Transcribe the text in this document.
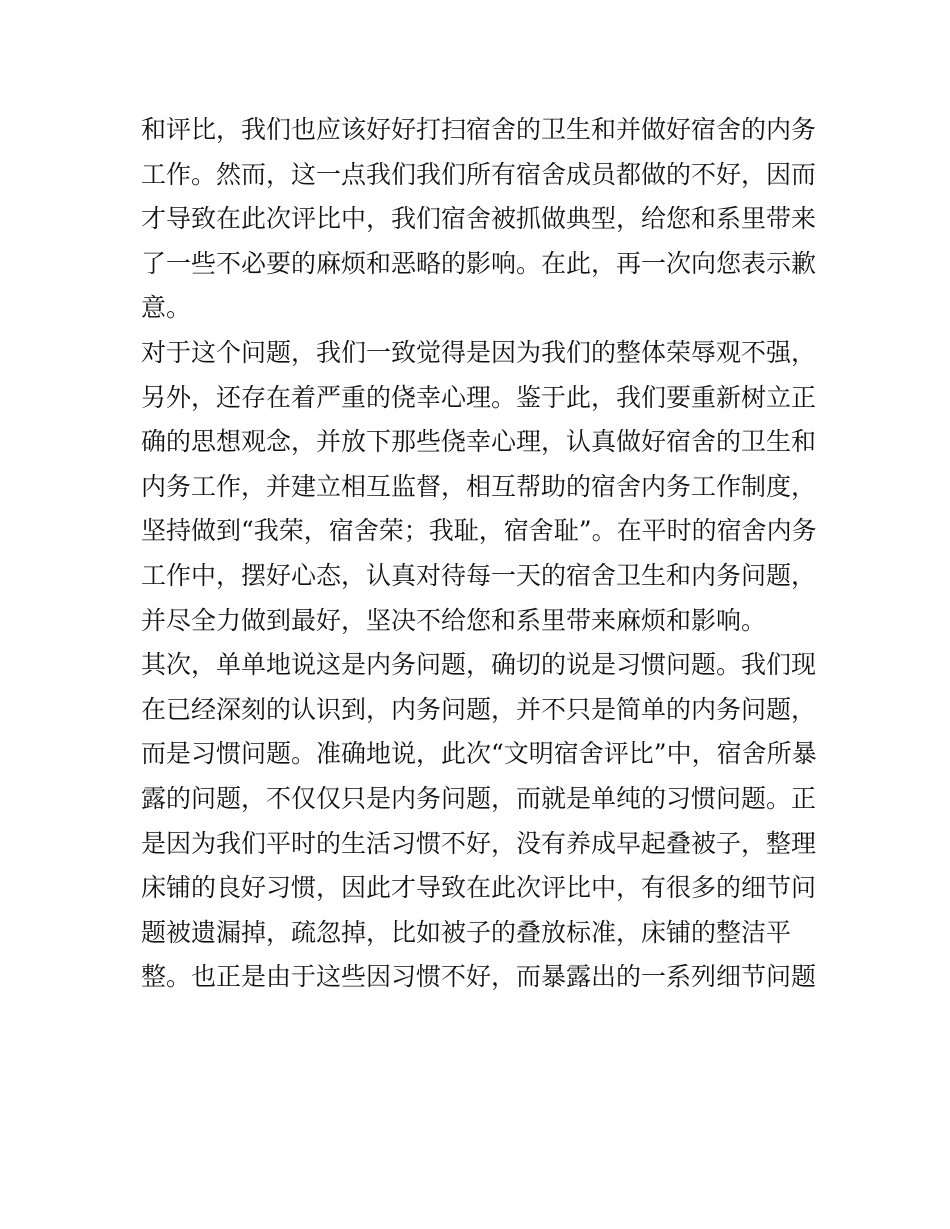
和评比，我们也应该好好打扫宿舍的卫生和并做好宿舍的内务
工作。然而，这一点我们我们所有宿舍成员都做的不好，因而
才导致在此次评比中，我们宿舍被抓做典型，给您和系里带来
了一些不必要的麻烦和恶略的影响。在此，再一次向您表示歉
意。
对于这个问题，我们一致觉得是因为我们的整体荣辱观不强，
另外，还存在着严重的侥幸心理。鉴于此，我们要重新树立正
确的思想观念，并放下那些侥幸心理，认真做好宿舍的卫生和
内务工作，并建立相互监督，相互帮助的宿舍内务工作制度，
坚持做到“我荣，宿舍荣；我耻，宿舍耻”。在平时的宿舍内务
工作中，摆好心态，认真对待每一天的宿舍卫生和内务问题，
并尽全力做到最好，坚决不给您和系里带来麻烦和影响。
其次，单单地说这是内务问题，确切的说是习惯问题。我们现
在已经深刻的认识到，内务问题，并不只是简单的内务问题，
而是习惯问题。准确地说，此次“文明宿舍评比”中，宿舍所暴
露的问题，不仅仅只是内务问题，而就是单纯的习惯问题。正
是因为我们平时的生活习惯不好，没有养成早起叠被子，整理
床铺的良好习惯，因此才导致在此次评比中，有很多的细节问
题被遗漏掉，疏忽掉，比如被子的叠放标准，床铺的整洁平
整。也正是由于这些因习惯不好，而暴露出的一系列细节问题
